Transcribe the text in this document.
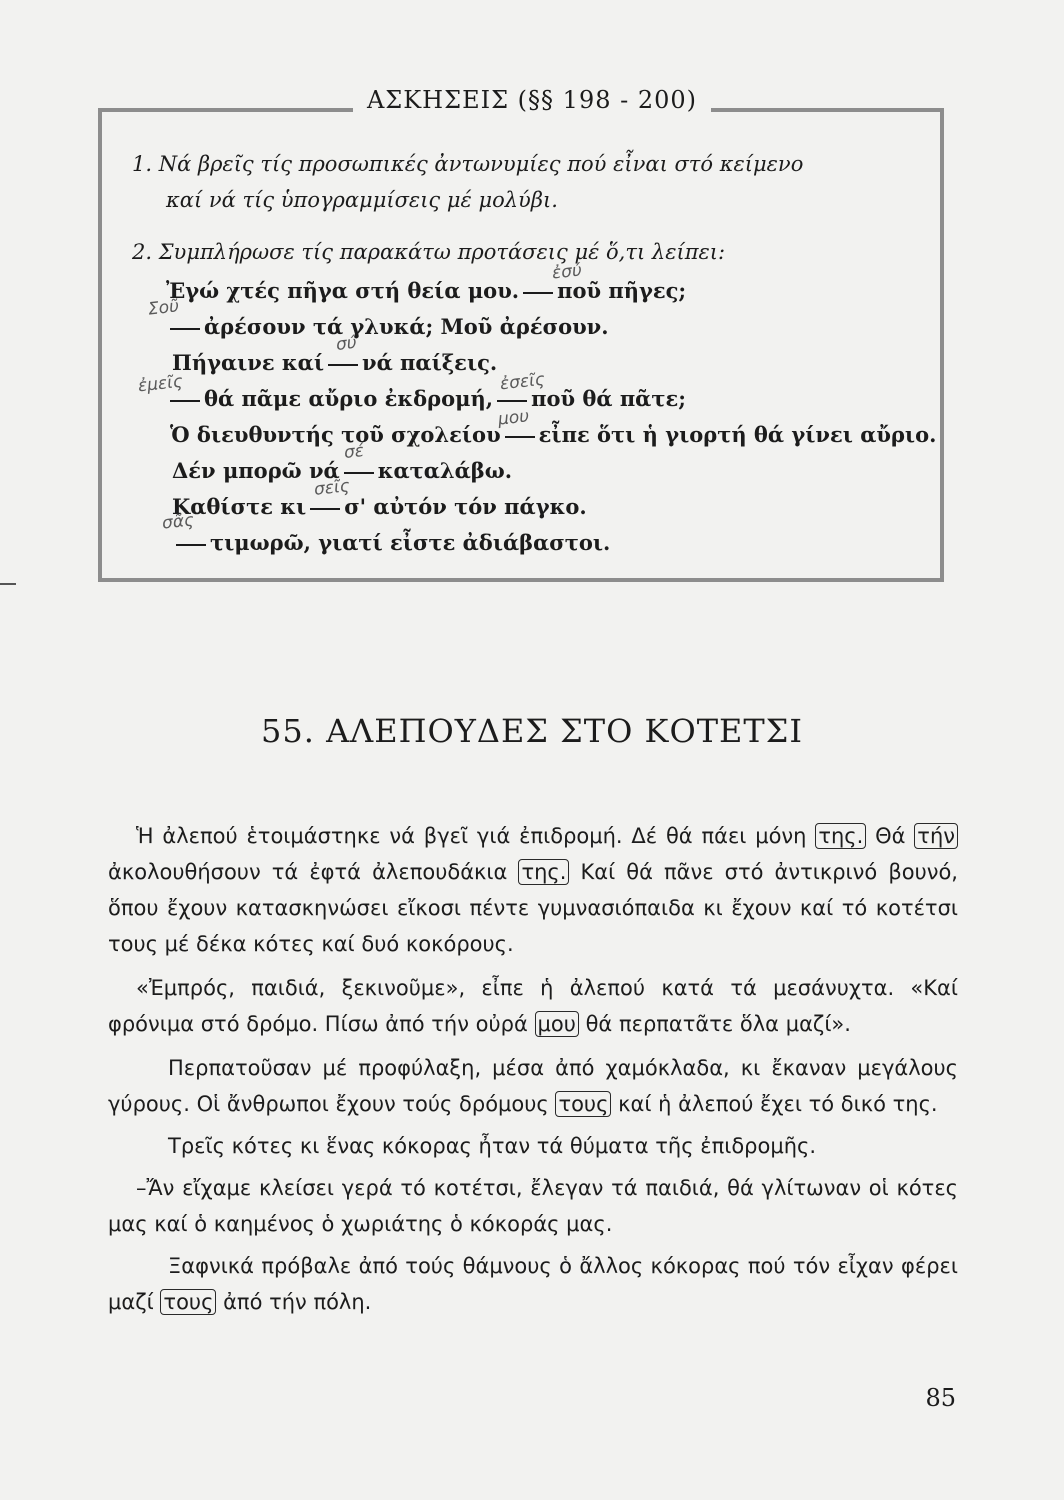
ΑΣΚΗΣΕΙΣ (§§ 198 - 200)
1. Νά βρεῖς τίς προσωπικές ἀντωνυμίες πού εἶναι στό κείμενο
καί νά τίς ὑπογραμμίσεις μέ μολύβι.
2. Συμπλήρωσε τίς παρακάτω προτάσεις μέ ὅ,τι λείπει:
Ἐγώ χτές πῆγα στή θεία μου. ποῦ πῆγες;
ἀρέσουν τά γλυκά; Μοῦ ἀρέσουν.
Πήγαινε καί νά παίξεις.
θά πᾶμε αὔριο ἐκδρομή, ποῦ θά πᾶτε;
Ὁ διευθυντής τοῦ σχολείου εἶπε ὅτι ἡ γιορτή θά γίνει αὔριο.
Δέν μπορῶ νά καταλάβω.
Καθίστε κι σ' αὐτόν τόν πάγκο.
τιμωρῶ, γιατί εἶστε ἀδιάβαστοι.
ἐσύ
Σοῦ
σύ
ἐμεῖς	ἐσεῖς
μου
σέ
σεῖς
σᾶς
55. ΑΛΕΠΟΥΔΕΣ ΣΤΟ ΚΟΤΕΤΣΙ

Ἡ ἀλεπού ἑτοιμάστηκε νά βγεῖ γιά ἐπιδρομή. Δέ θά πάει μόνη της. Θά τήν ἀκολουθήσουν τά ἐφτά ἀλεπουδάκια της. Καί θά πᾶνε στό ἀντικρινό βουνό, ὅπου ἔχουν κατασκηνώσει εἴκοσι πέντε γυμνασιόπαιδα κι ἔχουν καί τό κοτέτσι τους μέ δέκα κότες καί δυό κοκόρους.

«Ἐμπρός, παιδιά, ξεκινοῦμε», εἶπε ἡ ἀλεπού κατά τά μεσάνυχτα. «Καί φρόνιμα στό δρόμο. Πίσω ἀπό τήν οὐρά μου θά περπατᾶτε ὅλα μαζί».

Περπατοῦσαν μέ προφύλαξη, μέσα ἀπό χαμόκλαδα, κι ἔκαναν μεγάλους γύρους. Οἱ ἄνθρωποι ἔχουν τούς δρόμους τους καί ἡ ἀλεπού ἔχει τό δικό της.

Τρεῖς κότες κι ἕνας κόκορας ἦταν τά θύματα τῆς ἐπιδρομῆς.

–Ἄν εἴχαμε κλείσει γερά τό κοτέτσι, ἔλεγαν τά παιδιά, θά γλίτωναν οἱ κότες μας καί ὁ καημένος ὁ χωριάτης ὁ κόκοράς μας.

Ξαφνικά πρόβαλε ἀπό τούς θάμνους ὁ ἄλλος κόκορας πού τόν εἶχαν φέρει μαζί τους ἀπό τήν πόλη.

85
